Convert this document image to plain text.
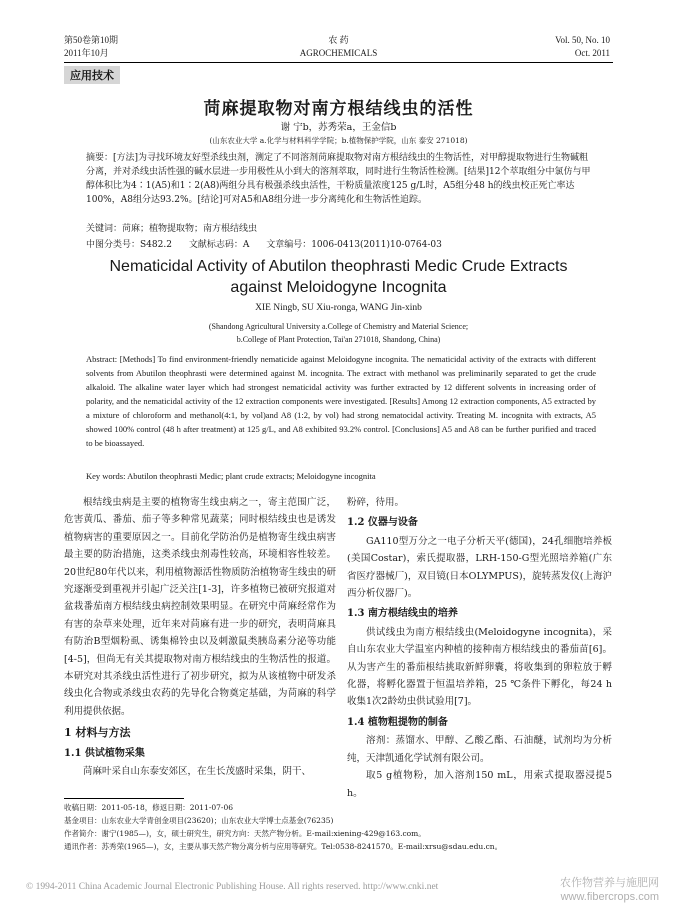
第50卷第10期
2011年10月
农 药
AGROCHEMICALS
Vol. 50, No. 10
Oct. 2011
应用技术
苘麻提取物对南方根结线虫的活性
谢 宁b，苏秀荣a，王金信b
(山东农业大学 a.化学与材料科学学院；b.植物保护学院，山东 泰安 271018)
摘要：[方法]为寻找环境友好型杀线虫剂，测定了不同溶剂苘麻提取物对南方根结线虫的生物活性，对甲醇提取物进行生物碱粗分离，并对杀线虫活性强的碱水层进一步用极性从小到大的溶剂萃取，同时进行生物活性检测。[结果]12个萃取组分中氯仿与甲醇体积比为4∶1(A5)和1∶2(A8)两组分具有极强杀线虫活性，干粉质量浓度125 g/L时，A5组分48 h的线虫校正死亡率达100%，A8组分达93.2%。[结论]可对A5和A8组分进一步分离纯化和生物活性追踪。
关键词：苘麻；植物提取物；南方根结线虫
中图分类号：S482.2 文献标志码：A 文章编号：1006-0413(2011)10-0764-03
Nematicidal Activity of Abutilon theophrasti Medic Crude Extracts
against Meloidogyne Incognita
XIE Ningb, SU Xiu-ronga, WANG Jin-xinb
(Shandong Agricultural University a.College of Chemistry and Material Science;
b.College of Plant Protection, Tai'an 271018, Shandong, China)
Abstract: [Methods] To find environment-friendly nematicide against Meloidogyne incognita. The nematicidal activity of the extracts with different solvents from Abutilon theophrasti were determined against M. incognita. The extract with methanol was preliminarily separated to get the crude alkaloid. The alkaline water layer which had strongest nematicidal activity was further extracted by 12 different solvents in increasing order of polarity, and the nematicidal activity of the 12 extraction components were investigated. [Results] Among 12 extraction components, A5 extracted by a mixture of chloroform and methanol(4:1, by vol)and A8 (1:2, by vol) had strong nematocidal activity. Treating M. incognita with extracts, A5 showed 100% control (48 h after treatment) at 125 g/L, and A8 exhibited 93.2% control. [Conclusions] A5 and A8 can be further purified and traced to be bioassayed.
Key words: Abutilon theophrasti Medic; plant crude extracts; Meloidogyne incognita

根结线虫病是主要的植物寄生线虫病之一，寄主范围广泛，危害黄瓜、番茄、茄子等多种常见蔬菜；同时根结线虫也是诱发植物病害的重要原因之一。目前化学防治仍是植物寄生线虫病害最主要的防治措施，这类杀线虫剂毒性较高，环境相容性较差。20世纪80年代以来，利用植物源活性物质防治植物寄生线虫的研究逐渐受到重视并引起广泛关注[1-3]，许多植物已被研究报道对盆栽番茄南方根结线虫病控制效果明显。在研究中苘麻经常作为有害的杂草来处理，近年来对苘麻有进一步的研究，表明苘麻具有防治B型烟粉虱、诱集棉铃虫以及刺激鼠类胰岛素分泌等功能[4-5]，但尚无有关其提取物对南方根结线虫的生物活性的报道。本研究对其杀线虫活性进行了初步研究，拟为从该植物中研发杀线虫化合物或杀线虫农药的先导化合物奠定基础，为苘麻的科学利用提供依据。

1 材料与方法
1.1 供试植物采集

苘麻叶采自山东泰安郊区，在生长茂盛时采集，阴干、

粉碎，待用。

1.2 仪器与设备

GA110型万分之一电子分析天平(德国)，24孔细胞培养板(美国Costar)，索氏提取器，LRH-150-G型光照培养箱(广东省医疗器械厂)，双目镜(日本OLYMPUS)，旋转蒸发仪(上海沪西分析仪器厂)。

1.3 南方根结线虫的培养

供试线虫为南方根结线虫(Meloidogyne incognita)，采自山东农业大学温室内种植的接种南方根结线虫的番茄苗[6]。从为害产生的番茄根结挑取新鲜卵囊，将收集到的卵粒放于孵化器，将孵化器置于恒温培养箱，25 ℃条件下孵化，每24 h收集1次2龄幼虫供试验用[7]。

1.4 植物粗提物的制备

溶剂：蒸馏水、甲醇、乙酸乙酯、石油醚，试剂均为分析纯，天津凯通化学试剂有限公司。

取5 g植物粉，加入溶剂150 mL，用索式提取器浸提5 h。

收稿日期：2011-05-18，修返日期：2011-07-06
基金项目：山东农业大学青创金项目(23620)；山东农业大学博士点基金(76235)
作者简介：谢宁(1985—)，女，硕士研究生，研究方向：天然产物分析。E-mail:xiening-429@163.com。
通讯作者：苏秀荣(1965—)，女，主要从事天然产物分离分析与应用等研究。Tel:0538-8241570。E-mail:xrsu@sdau.edu.cn。
© 1994-2011 China Academic Journal Electronic Publishing House. All rights reserved. http://www.cnki.net	农作物营养与施肥网
www.fibercrops.com
